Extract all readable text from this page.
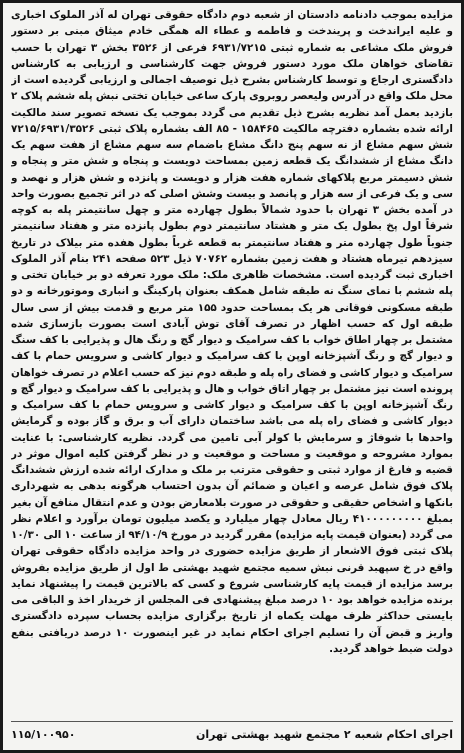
مزایده بموجب دادنامه دادستان از شعبه دوم دادگاه حقوقی تهران له آذر الملوک اخباری و علیه ایراندخت و پریندخت و فاطمه و عطاء اله همگی خادم میثاق مبنی بر دستور فروش ملک مشاعی به شماره ثبتی ۶۹۳۱/۷۲۱۵ فرعی از ۳۵۲۶ بخش ۳ تهران با حسب تقاضای خواهان ملک مورد دستور فروش جهت کارشناسی و ارزیابی به کارشناس دادگستری ارجاع و توسط کارشناس بشرح ذیل توصیف اجمالی و ارزیابی گردیده است از محل ملک واقع در آدرس ولیعصر روبروی پارک ساعی خیابان تختی نبش پله ششم پلاک ۲ بازدید بعمل آمد نظریه بشرح ذیل تقدیم می گردد بموجب یک نسخه تصویر سند مالکیت ارائه شده بشماره دفترچه مالکیت ۱۵۸۴۶۵ - ۸۵ الف بشماره پلاک ثبتی ۷۲۱۵/۶۹۳۱/۳۵۲۶ شش سهم مشاع از نه سهم پنج دانگ مشاع باضمام سه سهم مشاع از هفت سهم یک دانگ مشاع از ششدانگ یک قطعه زمین بمساحت دویست و پنجاه و شش متر و پنجاه و شش دسیمتر مربع پلاکهای شماره هفت هزار و دویست و پانزده و شش هزار و نهصد و سی و یک فرعی از سه هزار و پانصد و بیست وشش اصلی که در اثر تجمیع بصورت واحد در آمده بخش ۳ تهران با حدود شمالاً بطول چهارده متر و چهل سانتیمتر پله به کوچه شرقاً اول پخ بطول یک متر و هشتاد سانتیمتر دوم بطول پانزده متر و هفتاد سانتیمتر جنوباً طول چهارده متر و هفتاد سانتیمتر به قطعه غرباً بطول هفده متر بیلاک در تاریخ سیزدهم تیرماه هشتاد و هفت زمین بشماره ۷۰۷۶۲ ذیل ۵۲۳ صفحه ۲۴۱ بنام آذر الملوک اخباری ثبت گردیده است. مشخصات ظاهری ملک: ملک مورد تعرفه دو بر خیابان تختی و پله ششم با نمای سنگ نه طبقه شامل همکف بعنوان پارکینگ و انباری وموتورخانه و دو طبقه مسکونی فوقانی هر یک بمساحت حدود ۱۵۵ متر مربع و قدمت بیش از سی سال طبقه اول که حسب اظهار در تصرف آقای توش آبادی است بصورت بازسازی شده مشتمل بر چهار اطاق خواب با کف سرامیک و دیوار گچ و رنگ هال و پذیرایی با کف سنگ و دیوار گچ و رنگ آشپزخانه اوپن با کف سرامیک و دیوار کاشی و سرویس حمام با کف سرامیک و دیوار کاشی و فضای راه پله و طبقه دوم نیز که حسب اعلام در تصرف خواهان پرونده است نیز مشتمل بر چهار اتاق خواب و هال و پذیرایی با کف سرامیک و دیوار گچ و رنگ آشپزخانه اوپن با کف سرامیک و دیوار کاشی و سرویس حمام با کف سرامیک و دیوار کاشی و فضای راه پله می باشد ساختمان دارای آب و برق و گاز بوده و گرمایش واحدها با شوفاژ و سرمایش با کولر آبی تامین می گردد. نظریه کارشناسی: با عنایت بموارد مشروحه و موقعیت و مساحت و موقعیت و در نظر گرفتن کلیه اموال موثر در قضیه و فارغ از موارد ثبتی و حقوقی مترتب بر ملک و مدارک ارائه شده ارزش ششدانگ پلاک فوق شامل عرصه و اعیان و ضمائم آن بدون احتساب هرگونه بدهی به شهرداری بانکها و اشخاص حقیقی و حقوقی در صورت بلامعارض بودن و عدم انتقال منافع آن بغیر بمبلغ ۴۱۰۰۰۰۰۰۰۰۰ ریال معادل چهار میلیارد و یکصد میلیون تومان برآورد و اعلام نظر می گردد (بعنوان قیمت پایه مزایده) مقرر گردید در مورخ ۹۴/۱۰/۹ از ساعت ۱۰ الی ۱۰/۳۰ پلاک ثبتی فوق الاشعار از طریق مزایده حضوری در واحد مزایده دادگاه حقوقی تهران واقع در خ سپهبد قرنی نبش سمیه مجتمع شهید بهشتی ط اول از طریق مزایده بفروش برسد مزایده از قیمت پایه کارشناسی شروع و کسی که بالاترین قیمت را پیشنهاد نماید برنده مزایده خواهد بود ۱۰ درصد مبلغ پیشنهادی فی المجلس از خریدار اخذ و الباقی می بایستی حداکثر ظرف مهلت یکماه از تاریخ برگزاری مزایده بحساب سپرده دادگستری واریز و قبض آن را تسلیم اجرای احکام نماید در غیر اینصورت ۱۰ درصد دریافتی بنفع دولت ضبط خواهد گردید.

اجرای احکام شعبه ۲ مجتمع شهید بهشتی تهران
۱۱۵/۱۰۰۹۵۰
